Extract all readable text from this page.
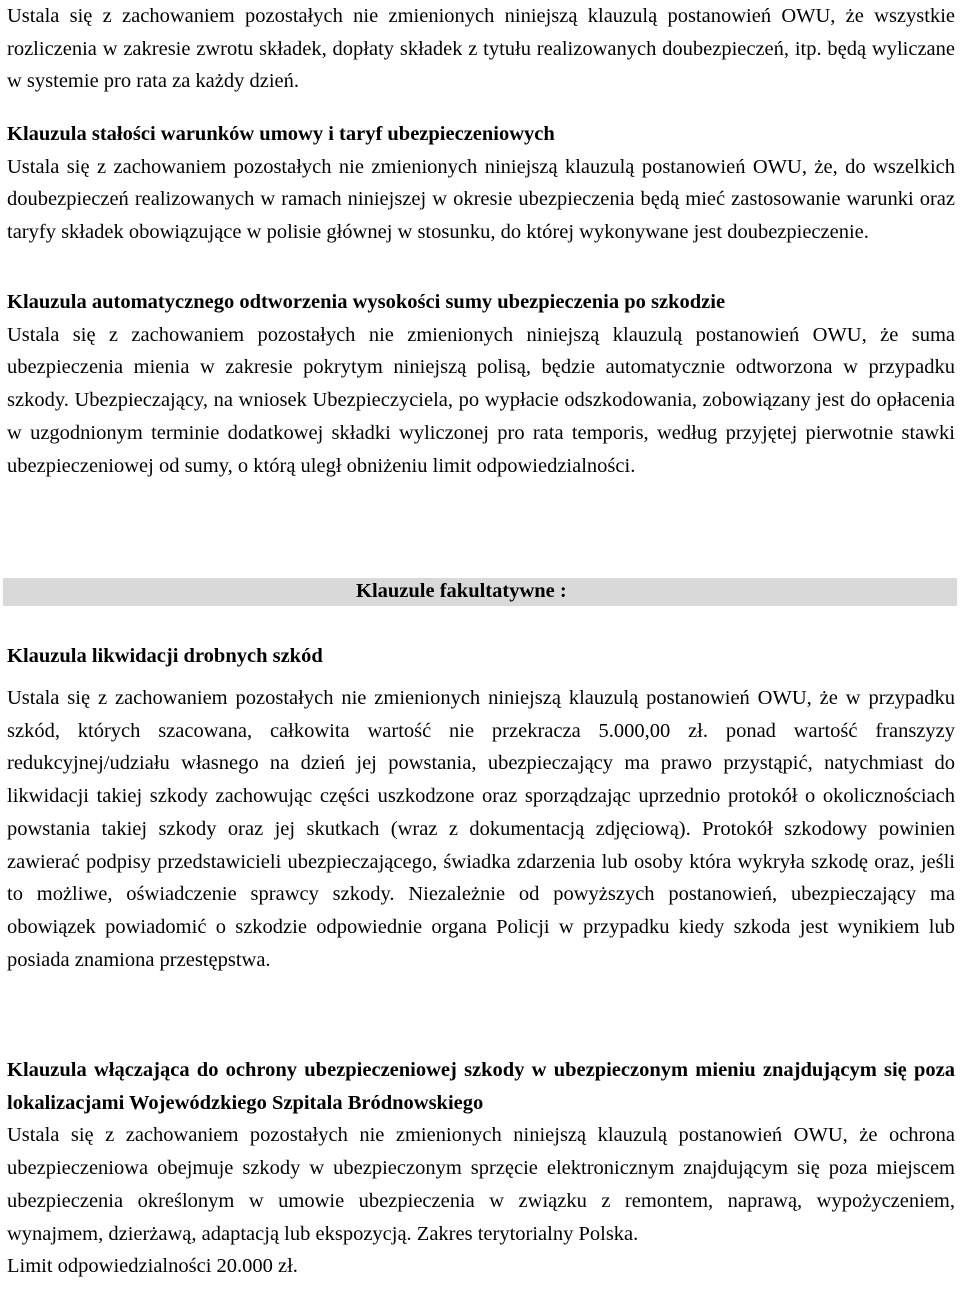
Ustala się z zachowaniem pozostałych nie zmienionych niniejszą klauzulą postanowień OWU, że wszystkie rozliczenia w zakresie zwrotu składek, dopłaty składek z tytułu realizowanych doubezpieczeń, itp. będą wyliczane w systemie pro rata za każdy dzień.

Klauzula stałości warunków umowy i taryf ubezpieczeniowych

Ustala się z zachowaniem pozostałych nie zmienionych niniejszą klauzulą postanowień OWU, że, do wszelkich doubezpieczeń realizowanych w ramach niniejszej w okresie ubezpieczenia będą mieć zastosowanie warunki oraz taryfy składek obowiązujące w polisie głównej w stosunku, do której wykonywane jest doubezpieczenie.

Klauzula automatycznego odtworzenia wysokości sumy ubezpieczenia po szkodzie

Ustala się z zachowaniem pozostałych nie zmienionych niniejszą klauzulą postanowień OWU, że suma ubezpieczenia mienia w zakresie pokrytym niniejszą polisą, będzie automatycznie odtworzona w przypadku szkody. Ubezpieczający, na wniosek Ubezpieczyciela, po wypłacie odszkodowania, zobowiązany jest do opłacenia w uzgodnionym terminie dodatkowej składki wyliczonej pro rata temporis, według przyjętej pierwotnie stawki ubezpieczeniowej od sumy, o którą uległ obniżeniu limit odpowiedzialności.

Klauzule fakultatywne :

Klauzula likwidacji drobnych szkód

Ustala się z zachowaniem pozostałych nie zmienionych niniejszą klauzulą postanowień OWU, że w przypadku szkód, których szacowana, całkowita wartość nie przekracza 5.000,00 zł. ponad wartość franszyzy redukcyjnej/udziału własnego na dzień jej powstania, ubezpieczający ma prawo przystąpić, natychmiast do likwidacji takiej szkody zachowując części uszkodzone oraz sporządzając uprzednio protokół o okolicznościach powstania takiej szkody oraz jej skutkach (wraz z dokumentacją zdjęciową). Protokół szkodowy powinien zawierać podpisy przedstawicieli ubezpieczającego, świadka zdarzenia lub osoby która wykryła szkodę oraz, jeśli to możliwe, oświadczenie sprawcy szkody. Niezależnie od powyższych postanowień, ubezpieczający ma obowiązek powiadomić o szkodzie odpowiednie organa Policji w przypadku kiedy szkoda jest wynikiem lub posiada znamiona przestępstwa.

Klauzula włączająca do ochrony ubezpieczeniowej szkody w ubezpieczonym mieniu znajdującym się poza lokalizacjami Wojewódzkiego Szpitala Bródnowskiego

Ustala się z zachowaniem pozostałych nie zmienionych niniejszą klauzulą postanowień OWU, że ochrona ubezpieczeniowa obejmuje szkody w ubezpieczonym sprzęcie elektronicznym znajdującym się poza miejscem ubezpieczenia określonym w umowie ubezpieczenia w związku z remontem, naprawą, wypożyczeniem, wynajmem, dzierżawą, adaptacją lub ekspozycją. Zakres terytorialny Polska.

Limit odpowiedzialności 20.000 zł.
